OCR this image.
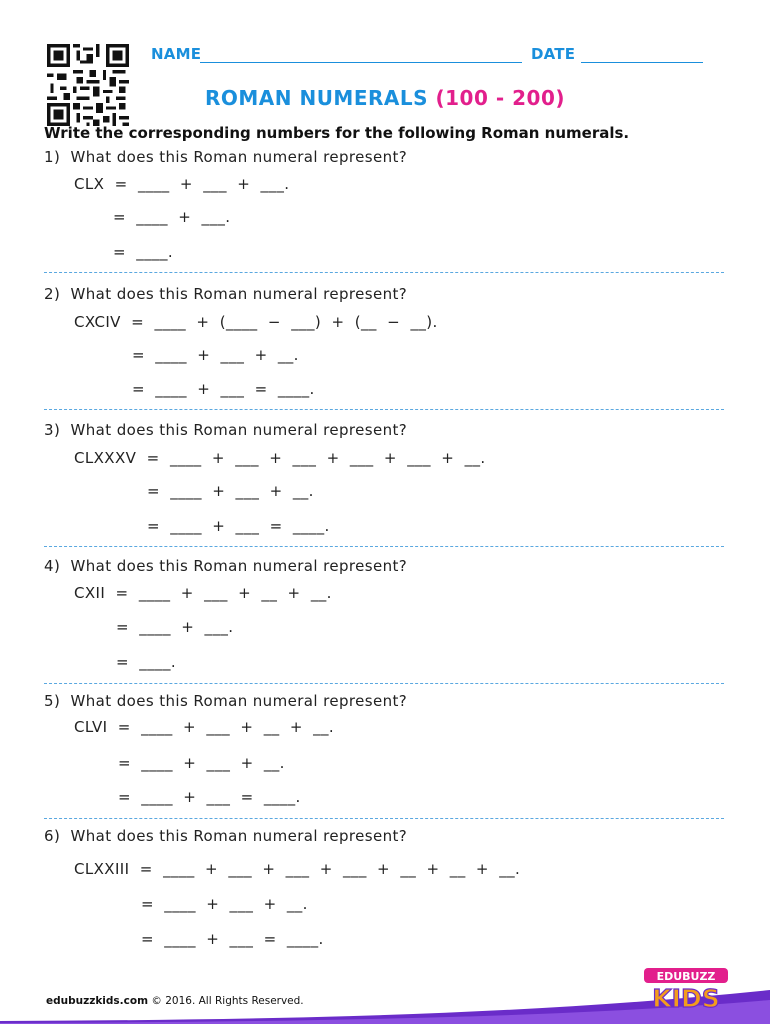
NAME	DATE
ROMAN NUMERALS (100 - 200)
Write the corresponding numbers for the following Roman numerals.
1)  What does this Roman numeral represent?
CLX  =  ____  +  ___  +  ___.
=  ____  +  ___.
=  ____.
2)  What does this Roman numeral represent?
CXCIV  =  ____  +  (____  −  ___)  +  (__  −  __).
=  ____  +  ___  +  __.
=  ____  +  ___  =  ____.
3)  What does this Roman numeral represent?
CLXXXV  =  ____  +  ___  +  ___  +  ___  +  ___  +  __.
=  ____  +  ___  +  __.
=  ____  +  ___  =  ____.
4)  What does this Roman numeral represent?
CXII  =  ____  +  ___  +  __  +  __.
=  ____  +  ___.
=  ____.
5)  What does this Roman numeral represent?
CLVI  =  ____  +  ___  +  __  +  __.
=  ____  +  ___  +  __.
=  ____  +  ___  =  ____.
6)  What does this Roman numeral represent?
CLXXIII  =  ____  +  ___  +  ___  +  ___  +  __  +  __  +  __.
=  ____  +  ___  +  __.
=  ____  +  ___  =  ____.
edubuzzkids.com © 2016. All Rights Reserved.
EDUBUZZ
KIDS
